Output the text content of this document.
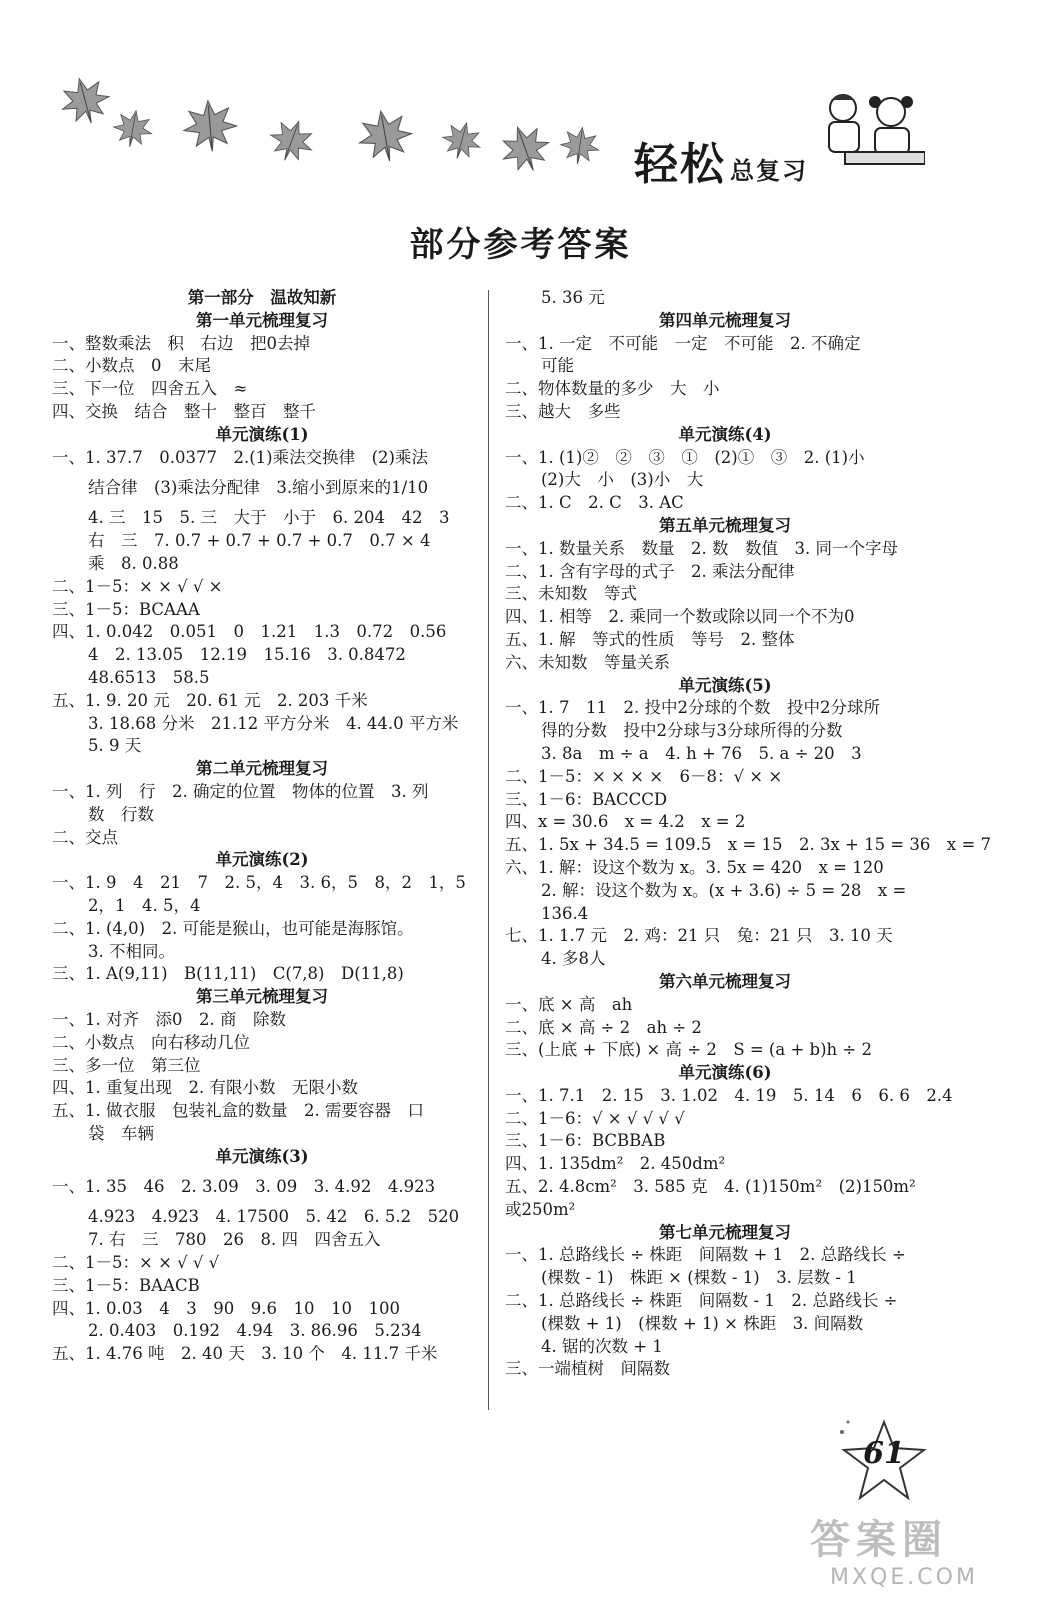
轻松 总复习
部分参考答案
第一部分　温故知新
第一单元梳理复习
一、整数乘法　积　右边　把0去掉
二、小数点　0　末尾
三、下一位　四舍五入　≈
四、交换　结合　整十　整百　整千
单元演练(1)
一、1. 37.7　0.0377　2.(1)乘法交换律　(2)乘法
结合律　(3)乘法分配律　3.缩小到原来的1/10
4. 三　15　5. 三　大于　小于　6. 204　42　3
右　三　7. 0.7 + 0.7 + 0.7 + 0.7　0.7 × 4
乘　8. 0.88
二、1－5：× × √ √ ×
三、1－5：BCAAA
四、1. 0.042　0.051　0　1.21　1.3　0.72　0.56
4　2. 13.05　12.19　15.16　3. 0.8472
48.6513　58.5
五、1. 9. 20 元　20. 61 元　2. 203 千米
3. 18.68 分米　21.12 平方分米　4. 44.0 平方米
5. 9 天
第二单元梳理复习
一、1. 列　行　2. 确定的位置　物体的位置　3. 列
数　行数
二、交点
单元演练(2)
一、1. 9　4　21　7　2. 5，4　3. 6，5　8，2　1，5
2，1　4. 5，4
二、1. (4,0)　2. 可能是猴山，也可能是海豚馆。
3. 不相同。
三、1. A(9,11)　B(11,11)　C(7,8)　D(11,8)
第三单元梳理复习
一、1. 对齐　添0　2. 商　除数
二、小数点　向右移动几位
三、多一位　第三位
四、1. 重复出现　2. 有限小数　无限小数
五、1. 做衣服　包装礼盒的数量　2. 需要容器　口
袋　车辆
单元演练(3)
一、1. 35　46　2. 3.09　3. 09　3. 4.92　4.923
4.923　4.923　4. 17500　5. 42　6. 5.2　520
7. 右　三　780　26　8. 四　四舍五入
二、1－5：× × √ √ √
三、1－5：BAACB
四、1. 0.03　4　3　90　9.6　10　10　100
2. 0.403　0.192　4.94　3. 86.96　5.234
五、1. 4.76 吨　2. 40 天　3. 10 个　4. 11.7 千米
5. 36 元
第四单元梳理复习
一、1. 一定　不可能　一定　不可能　2. 不确定
可能
二、物体数量的多少　大　小
三、越大　多些
单元演练(4)
一、1. (1)②　②　③　①　(2)①　③　2. (1)小
(2)大　小　(3)小　大
二、1. C　2. C　3. AC
第五单元梳理复习
一、1. 数量关系　数量　2. 数　数值　3. 同一个字母
二、1. 含有字母的式子　2. 乘法分配律
三、未知数　等式
四、1. 相等　2. 乘同一个数或除以同一个不为0
五、1. 解　等式的性质　等号　2. 整体
六、未知数　等量关系
单元演练(5)
一、1. 7　11　2. 投中2分球的个数　投中2分球所
得的分数　投中2分球与3分球所得的分数
3. 8a　m ÷ a　4. h + 76　5. a ÷ 20　3
二、1－5：× × × ×　6－8：√ × ×
三、1－6：BACCCD
四、x = 30.6　x = 4.2　x = 2
五、1. 5x + 34.5 = 109.5　x = 15　2. 3x + 15 = 36　x = 7
六、1. 解：设这个数为 x。3. 5x = 420　x = 120
2. 解：设这个数为 x。(x + 3.6) ÷ 5 = 28　x =
136.4
七、1. 1.7 元　2. 鸡：21 只　兔：21 只　3. 10 天
4. 多8人
第六单元梳理复习
一、底 × 高　ah
二、底 × 高 ÷ 2　ah ÷ 2
三、(上底 + 下底) × 高 ÷ 2　S = (a + b)h ÷ 2
单元演练(6)
一、1. 7.1　2. 15　3. 1.02　4. 19　5. 14　6　6. 6　2.4
二、1－6：√ × √ √ √ √
三、1－6：BCBBAB
四、1. 135dm²　2. 450dm²
五、2. 4.8cm²　3. 585 克　4. (1)150m²　(2)150m²
或250m²
第七单元梳理复习
一、1. 总路线长 ÷ 株距　间隔数 + 1　2. 总路线长 ÷
(棵数 - 1)　株距 × (棵数 - 1)　3. 层数 - 1
二、1. 总路线长 ÷ 株距　间隔数 - 1　2. 总路线长 ÷
(棵数 + 1)　(棵数 + 1) × 株距　3. 间隔数
4. 锯的次数 + 1
三、一端植树　间隔数
61
答案圈
MXQE.COM
